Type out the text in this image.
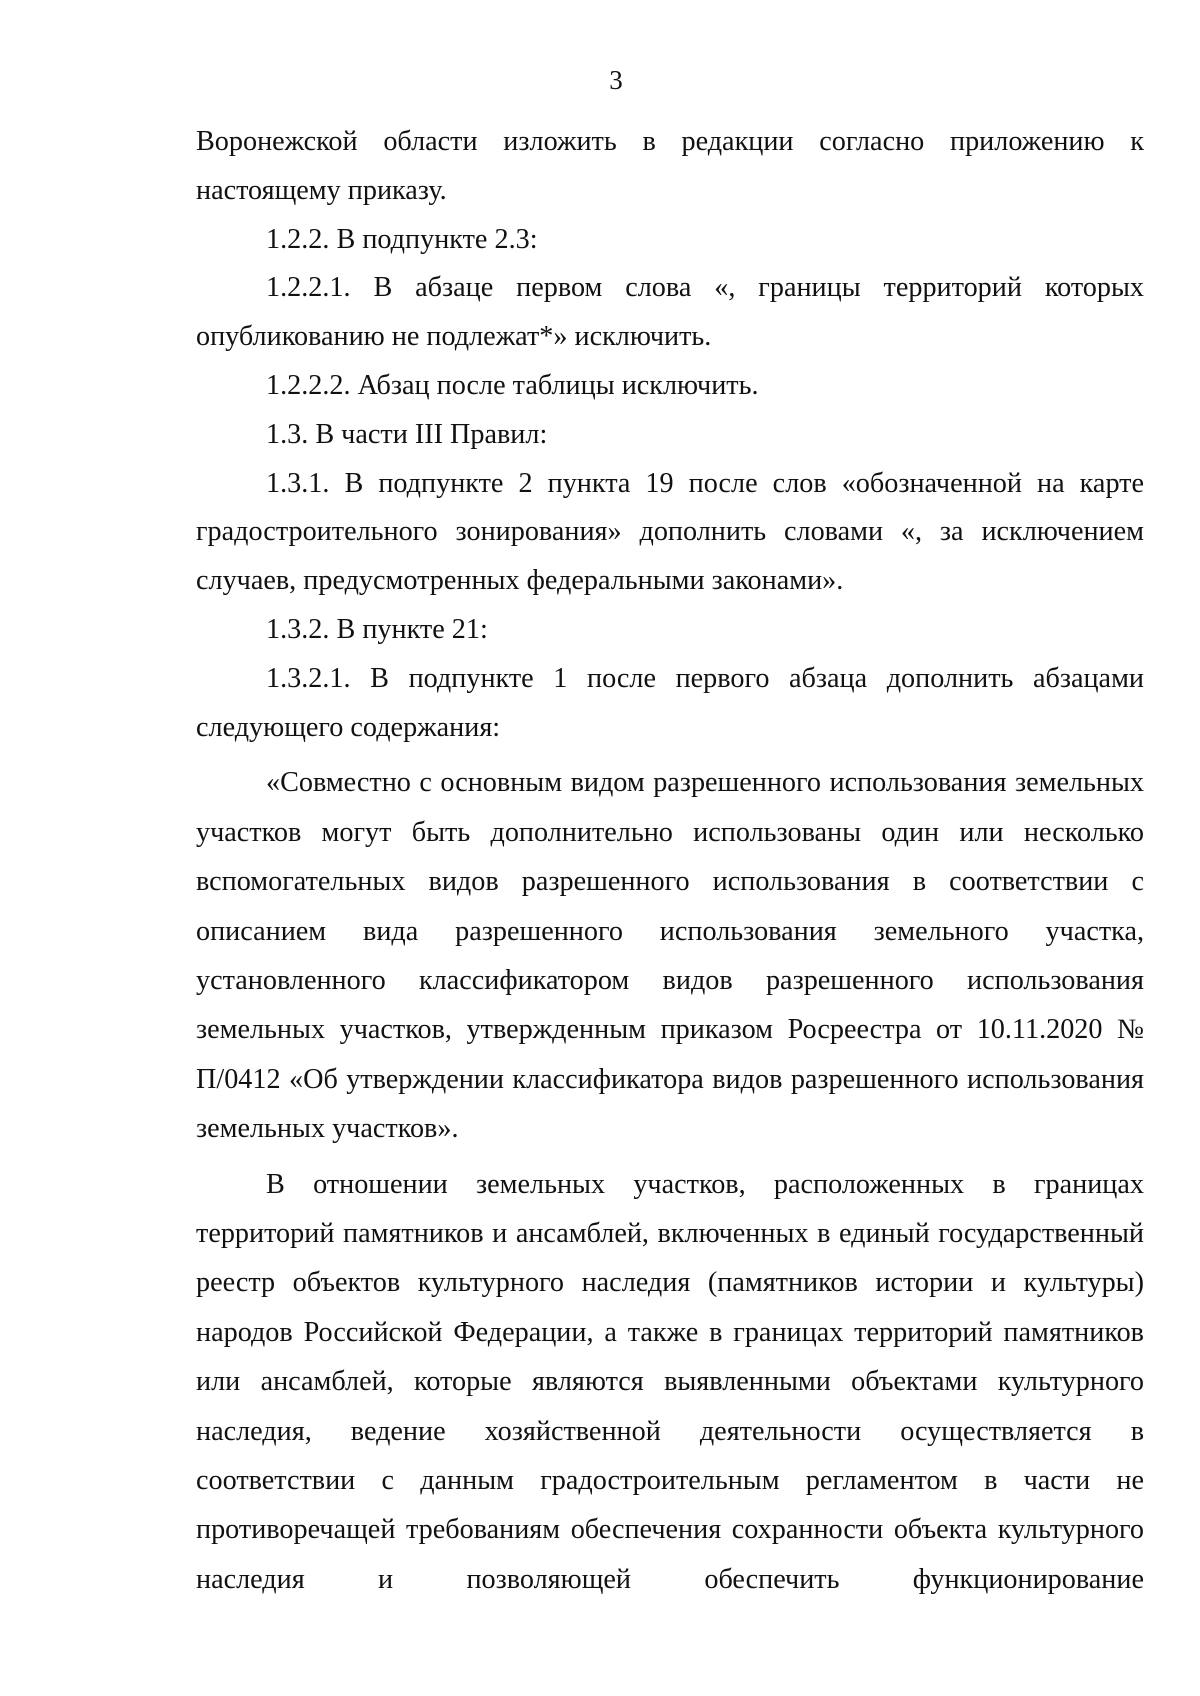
3

Воронежской области изложить в редакции согласно приложению к настоящему приказу.

1.2.2. В подпункте 2.3:

1.2.2.1. В абзаце первом слова «, границы территорий которых опубликованию не подлежат*» исключить.

1.2.2.2. Абзац после таблицы исключить.

1.3. В части III Правил:

1.3.1. В подпункте 2 пункта 19 после слов «обозначенной на карте градостроительного зонирования» дополнить словами «, за исключением случаев, предусмотренных федеральными законами».

1.3.2. В пункте 21:

1.3.2.1. В подпункте 1 после первого абзаца дополнить абзацами следующего содержания:

«Совместно с основным видом разрешенного использования земельных участков могут быть дополнительно использованы один или несколько вспомогательных видов разрешенного использования в соответствии с описанием вида разрешенного использования земельного участка, установленного классификатором видов разрешенного использования земельных участков, утвержденным приказом Росреестра от 10.11.2020 № П/0412 «Об утверждении классификатора видов разрешенного использования земельных участков».

В отношении земельных участков, расположенных в границах территорий памятников и ансамблей, включенных в единый государственный реестр объектов культурного наследия (памятников истории и культуры) народов Российской Федерации, а также в границах территорий памятников или ансамблей, которые являются выявленными объектами культурного наследия, ведение хозяйственной деятельности осуществляется в соответствии с данным градостроительным регламентом в части не противоречащей требованиям обеспечения сохранности объекта культурного наследия и позволяющей обеспечить функционирование
